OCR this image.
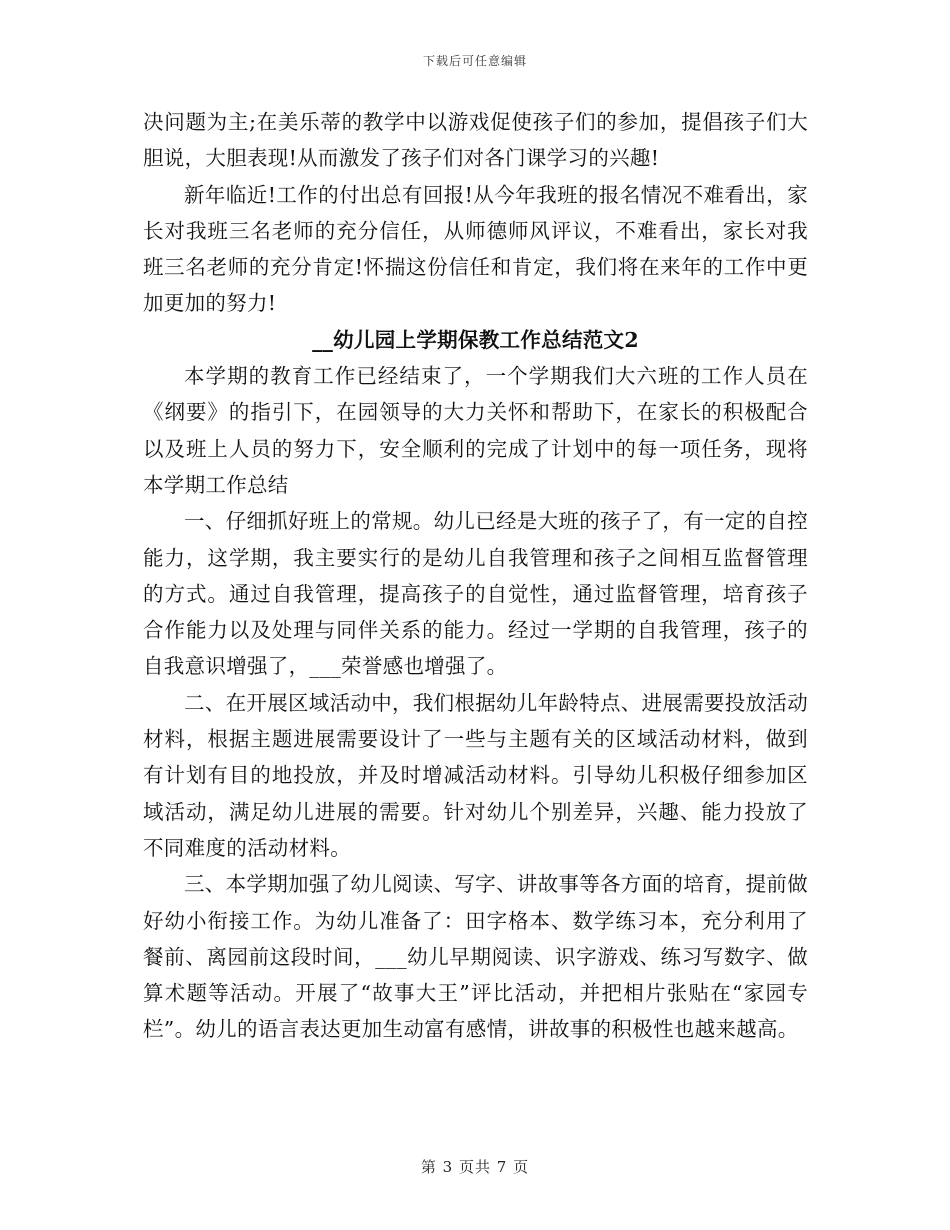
下载后可任意编辑

决问题为主;在美乐蒂的教学中以游戏促使孩子们的参加，提倡孩子们大胆说，大胆表现!从而激发了孩子们对各门课学习的兴趣!

新年临近!工作的付出总有回报!从今年我班的报名情况不难看出，家长对我班三名老师的充分信任，从师德师风评议，不难看出，家长对我班三名老师的充分肯定!怀揣这份信任和肯定，我们将在来年的工作中更加更加的努力!

__幼儿园上学期保教工作总结范文2

本学期的教育工作已经结束了，一个学期我们大六班的工作人员在《纲要》的指引下，在园领导的大力关怀和帮助下，在家长的积极配合以及班上人员的努力下，安全顺利的完成了计划中的每一项任务，现将本学期工作总结

一、仔细抓好班上的常规。幼儿已经是大班的孩子了，有一定的自控能力，这学期，我主要实行的是幼儿自我管理和孩子之间相互监督管理的方式。通过自我管理，提高孩子的自觉性，通过监督管理，培育孩子合作能力以及处理与同伴关系的能力。经过一学期的自我管理，孩子的自我意识增强了，___荣誉感也增强了。

二、在开展区域活动中，我们根据幼儿年龄特点、进展需要投放活动材料，根据主题进展需要设计了一些与主题有关的区域活动材料，做到有计划有目的地投放，并及时增减活动材料。引导幼儿积极仔细参加区域活动，满足幼儿进展的需要。针对幼儿个别差异，兴趣、能力投放了不同难度的活动材料。

三、本学期加强了幼儿阅读、写字、讲故事等各方面的培育，提前做好幼小衔接工作。为幼儿准备了：田字格本、数学练习本，充分利用了餐前、离园前这段时间，___幼儿早期阅读、识字游戏、练习写数字、做算术题等活动。开展了“故事大王”评比活动，并把相片张贴在“家园专栏”。幼儿的语言表达更加生动富有感情，讲故事的积极性也越来越高。

第 3 页共 7 页
